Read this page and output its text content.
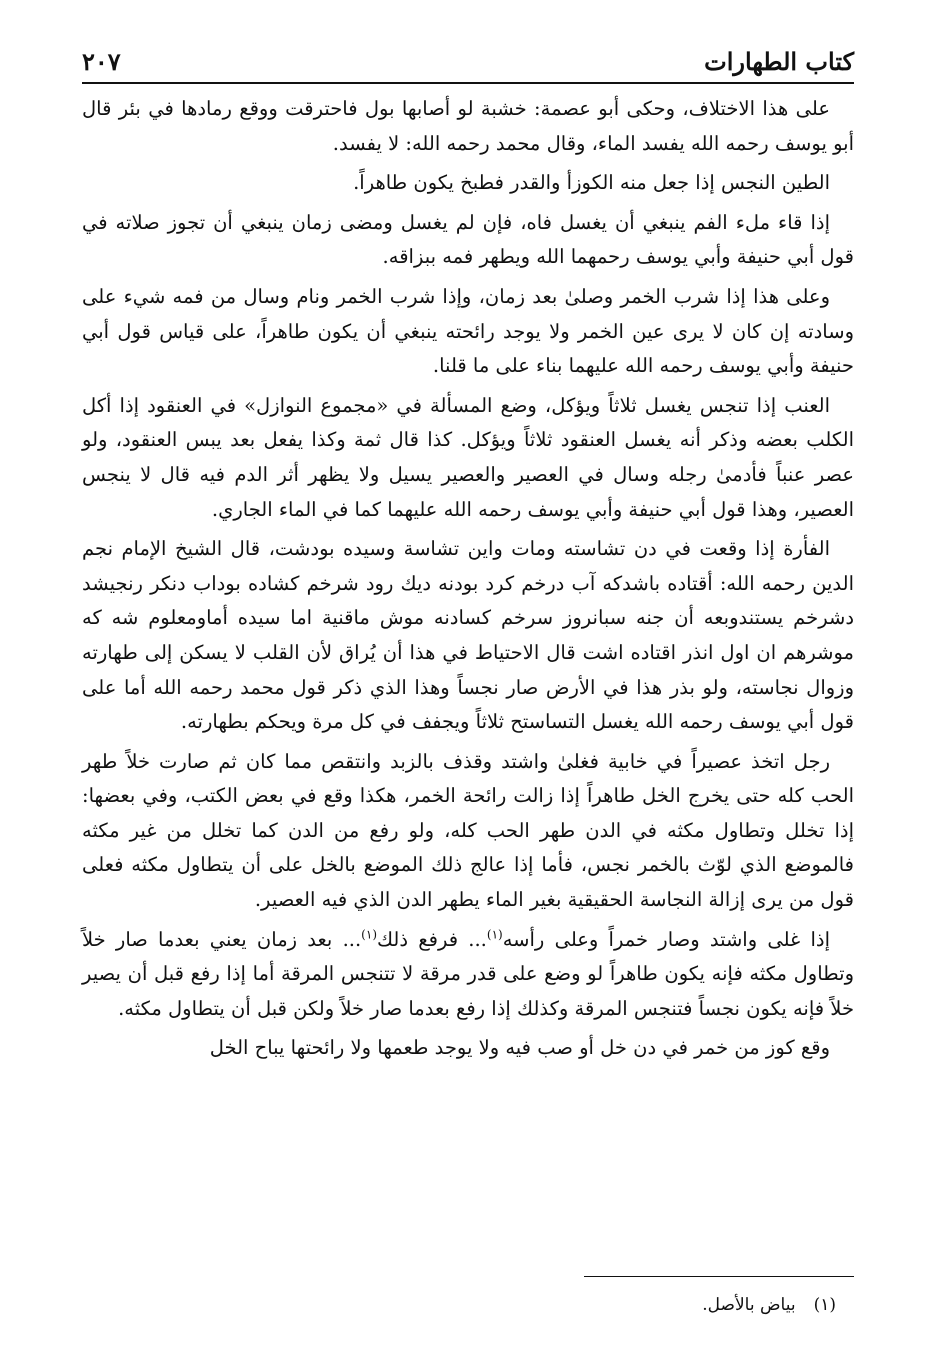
كتاب الطهارات
٢٠٧

على هذا الاختلاف، وحكى أبو عصمة: خشبة لو أصابها بول فاحترقت ووقع رمادها في بئر قال أبو يوسف رحمه الله يفسد الماء، وقال محمد رحمه الله: لا يفسد.

الطين النجس إذا جعل منه الكوزأ والقدر فطبخ يكون طاهراً.

إذا قاء ملء الفم ينبغي أن يغسل فاه، فإن لم يغسل ومضى زمان ينبغي أن تجوز صلاته في قول أبي حنيفة وأبي يوسف رحمهما الله ويطهر فمه ببزاقه.

وعلى هذا إذا شرب الخمر وصلىٰ بعد زمان، وإذا شرب الخمر ونام وسال من فمه شيء على وسادته إن كان لا يرى عين الخمر ولا يوجد رائحته ينبغي أن يكون طاهراً، على قياس قول أبي حنيفة وأبي يوسف رحمه الله عليهما بناء على ما قلنا.

العنب إذا تنجس يغسل ثلاثاً ويؤكل، وضع المسألة في «مجموع النوازل» في العنقود إذا أكل الكلب بعضه وذكر أنه يغسل العنقود ثلاثاً ويؤكل. كذا قال ثمة وكذا يفعل بعد يبس العنقود، ولو عصر عنباً فأدمىٰ رجله وسال في العصير والعصير يسيل ولا يظهر أثر الدم فيه قال لا ينجس العصير، وهذا قول أبي حنيفة وأبي يوسف رحمه الله عليهما كما في الماء الجاري.

الفأرة إذا وقعت في دن تشاسته ومات واين تشاسة وسيده بودشت، قال الشيخ الإمام نجم الدين رحمه الله: أقتاده باشدكه آب درخم كرد بودنه ديك رود شرخم كشاده بوداب دنكر رنجيشد دشرخم يستندوبعه أن جنه سبانروز سرخم كسادنه موش ماقنية اما سيده أماومعلوم شه كه موشرهم ان اول انذر اقتاده اشت قال الاحتياط في هذا أن يُراق لأن القلب لا يسكن إلى طهارته وزوال نجاسته، ولو بذر هذا في الأرض صار نجساً وهذا الذي ذكر قول محمد رحمه الله أما على قول أبي يوسف رحمه الله يغسل التساستح ثلاثاً ويجفف في كل مرة ويحكم بطهارته.

رجل اتخذ عصيراً في خابية فغلىٰ واشتد وقذف بالزبد وانتقص مما كان ثم صارت خلاً طهر الحب كله حتى يخرج الخل طاهراً إذا زالت رائحة الخمر، هكذا وقع في بعض الكتب، وفي بعضها: إذا تخلل وتطاول مكثه في الدن طهر الحب كله، ولو رفع من الدن كما تخلل من غير مكثه فالموضع الذي لوّث بالخمر نجس، فأما إذا عالج ذلك الموضع بالخل على أن يتطاول مكثه فعلى قول من يرى إزالة النجاسة الحقيقية بغير الماء يطهر الدن الذي فيه العصير.

إذا غلى واشتد وصار خمراً وعلى رأسه$^{(١)}$... فرفع ذلك$^{(١)}$... بعد زمان يعني بعدما صار خلاً وتطاول مكثه فإنه يكون طاهراً لو وضع على قدر مرقة لا تتنجس المرقة أما إذا رفع قبل أن يصير خلاً فإنه يكون نجساً فتنجس المرقة وكذلك إذا رفع بعدما صار خلاً ولكن قبل أن يتطاول مكثه.

وقع كوز من خمر في دن خل أو صب فيه ولا يوجد طعمها ولا رائحتها يباح الخل

(١)بياض بالأصل.
